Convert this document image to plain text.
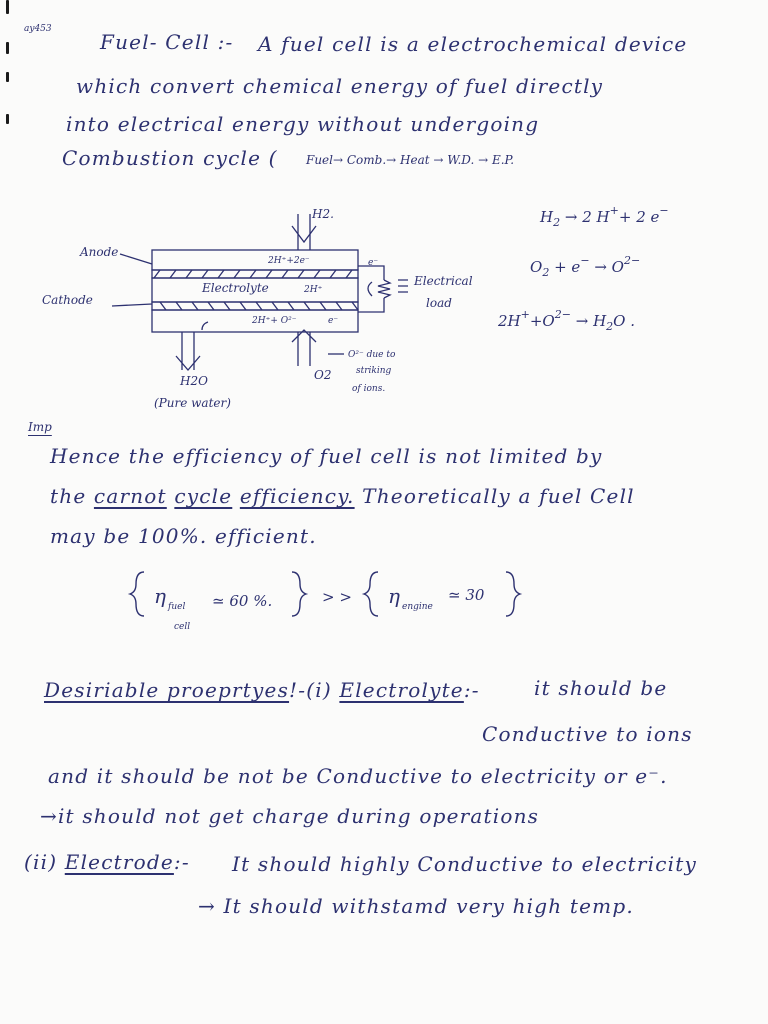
ay453
Fuel- Cell :- A fuel cell is a electrochemical device
which convert chemical energy of fuel directly
into electrical energy without undergoing
Combustion cycle ( Fuel→ Comb.→ Heat → W.D. → E.P.
H2.
Anode
Cathode
2H⁺+2e⁻
Electrolyte	2H⁺
2H⁺+ O²⁻
e⁻
e⁻
Electrical
load
H2O
(Pure water)
O2
O²⁻ due to
striking
of ions.
$H_2 \to 2$ H++ 2 e−
$O_2 + e^- \to O^{2-}$
$2H^++O^{2-} \to H_2O$ .
Imp
Hence the efficiency of fuel cell is not limited by
the carnot cycle efficiency. Theoretically a fuel Cell
may be 100%. efficient.
η fuel
cell
≃ 60 %.	> > η engine
≃ 30
Desiriable proeprtyes!-(i) Electrolyte:-	it should be
Conductive to ions
and it should be not be Conductive to electricity or e⁻.
→it should not get charge during operations
(ii) Electrode:- It should highly Conductive to electricity
→ It should withstamd very high temp.
